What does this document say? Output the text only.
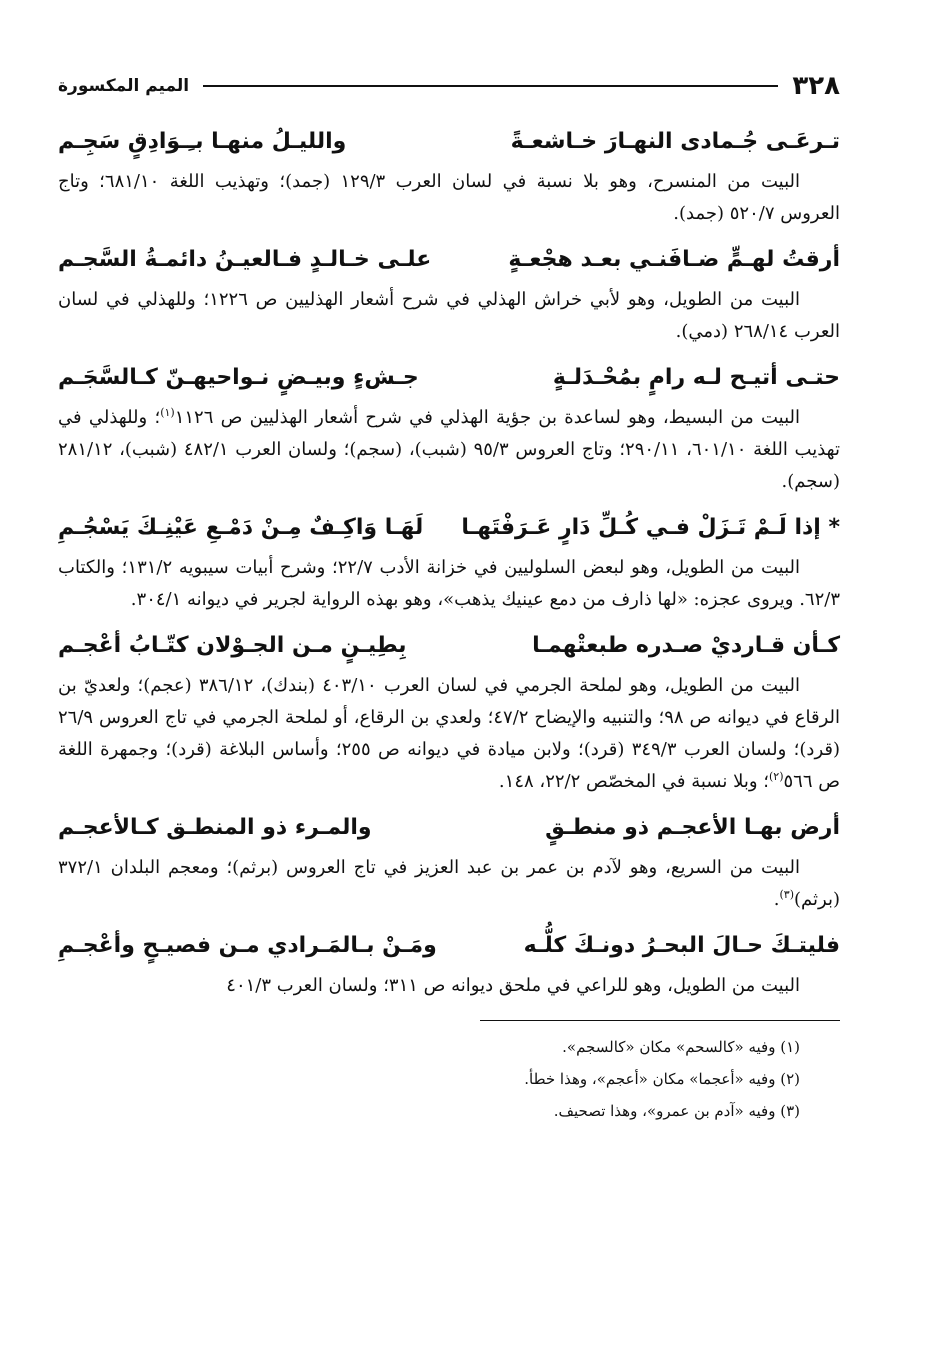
٣٢٨
الميم المكسورة
تـرعَـى جُـمادى النهـارَ خـاشعـةً
والليـلُ منهـا بـِـوَادِقٍ سَجِـم

البيت من المنسرح، وهو بلا نسبة في لسان العرب ١٢٩/٣ (جمد)؛ وتهذيب اللغة ٦٨١/١٠؛ وتاج العروس ٥٢٠/٧ (جمد).

أرقتُ لهـمٍّ ضـافَنـي بعـد هجْعـةٍ
علـى خـالـدٍ فـالعيـنُ دائمـةُ السَّجـم

البيت من الطويل، وهو لأبي خراش الهذلي في شرح أشعار الهذليين ص ١٢٢٦؛ وللهذلي في لسان العرب ٢٦٨/١٤ (دمي).

حتـى أتيـح لـه رامٍ بمُحْـدَلـةٍ
جـشءٍ وبيـضٍ نـواحيهـنّ كـالسَّجَـم

البيت من البسيط، وهو لساعدة بن جؤية الهذلي في شرح أشعار الهذليين ص ١١٢٦$^{(١)}$؛ وللهذلي في تهذيب اللغة ٦٠١/١٠، ٢٩٠/١١؛ وتاج العروس ٩٥/٣ (شبب)، (سجم)؛ ولسان العرب ٤٨٢/١ (شبب)، ٢٨١/١٢ (سجم).

* إذا لَـمْ تَـزَلْ فـي كُـلِّ دَارٍ عَـرَفْتَهـا
لَهَـا وَاكِـفٌ مِـنْ دَمْـعِ عَيْنِـكَ يَسْجُـمِ

البيت من الطويل، وهو لبعض السلوليين في خزانة الأدب ٢٢/٧؛ وشرح أبيات سيبويه ١٣١/٢؛ والكتاب ٦٢/٣. ويروى عجزه: «لها ذارف من دمع عينيك يذهب»، وهو بهذه الرواية لجرير في ديوانه ٣٠٤/١.

كـأن قـارديْ صـدره طبعتْهمـا
بِطِيـنٍ مـن الجـوْلان كتّـابُ أعْجـم

البيت من الطويل، وهو لملحة الجرمي في لسان العرب ٤٠٣/١٠ (بندك)، ٣٨٦/١٢ (عجم)؛ ولعديّ بن الرقاع في ديوانه ص ٩٨؛ والتنبيه والإيضاح ٤٧/٢؛ ولعدي بن الرقاع، أو لملحة الجرمي في تاج العروس ٢٦/٩ (قرد)؛ ولسان العرب ٣٤٩/٣ (قرد)؛ ولابن ميادة في ديوانه ص ٢٥٥؛ وأساس البلاغة (قرد)؛ وجمهرة اللغة ص ٥٦٦$^{(٢)}$؛ وبلا نسبة في المخصّص ٢٢/٢، ١٤٨.

أرض بهـا الأعجـم ذو منطـقٍ
والمـرء ذو المنطـق كـالأعجـم

البيت من السريع، وهو لآدم بن عمر بن عبد العزيز في تاج العروس (برثم)؛ ومعجم البلدان ٣٧٢/١ (برثم)$^{(٣)}$.

فليتـكَ حـالَ البحـرُ دونـكَ كلُّـه
ومَـنْ بـالمَـرادي مـن فصيـحٍ وأعْجـمِ

البيت من الطويل، وهو للراعي في ملحق ديوانه ص ٣١١؛ ولسان العرب ٤٠١/٣

(١) وفيه «كالسحم» مكان «كالسجم».
(٢) وفيه «أعجما» مكان «أعجم»، وهذا خطأ.
(٣) وفيه «آدم بن عمرو»، وهذا تصحيف.
